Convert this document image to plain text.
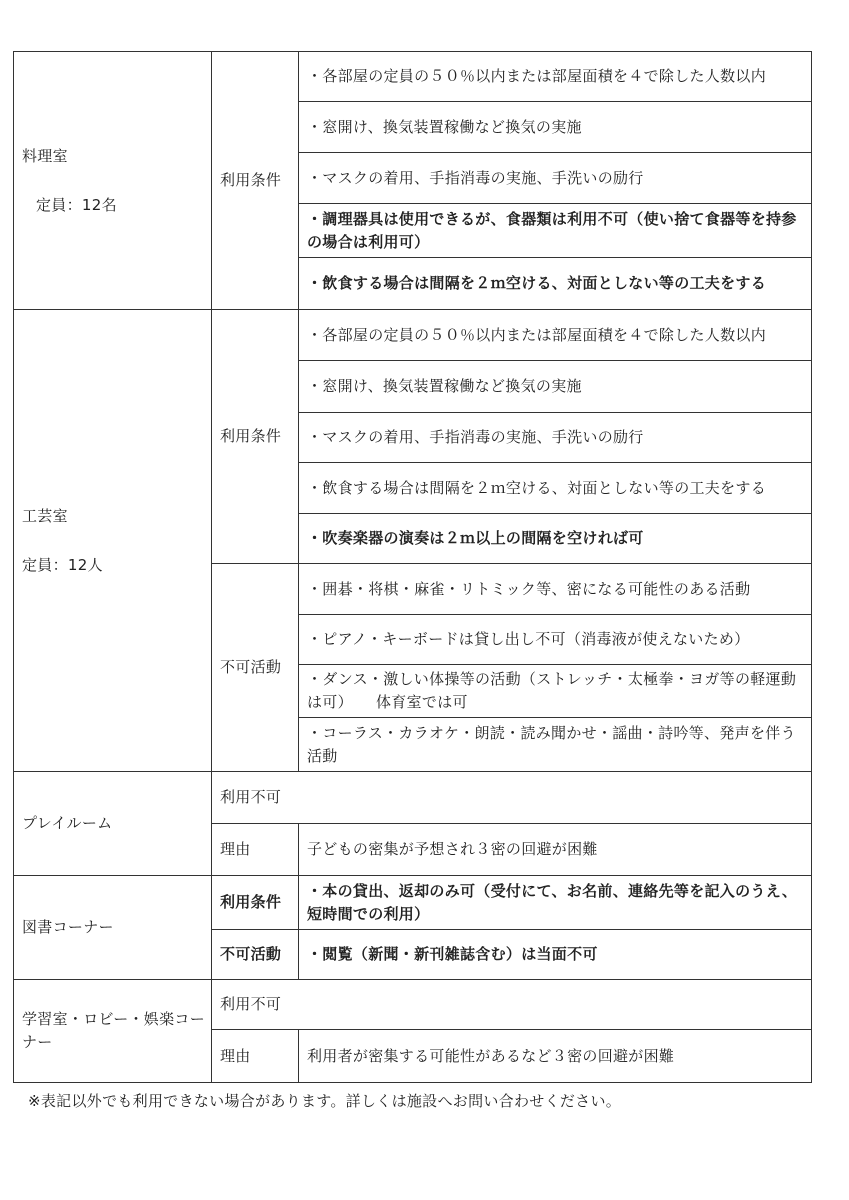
料理室
定員：12名	利用条件	・各部屋の定員の５０％以内または部屋面積を４で除した人数以内
		・窓開け、換気装置稼働など換気の実施
		・マスクの着用、手指消毒の実施、手洗いの励行
		・調理器具は使用できるが、食器類は利用不可（使い捨て食器等を持参の場合は利用可）
		・飲食する場合は間隔を２ｍ空ける、対面としない等の工夫をする

工芸室
定員：12人	利用条件	・各部屋の定員の５０％以内または部屋面積を４で除した人数以内
		・窓開け、換気装置稼働など換気の実施
		・マスクの着用、手指消毒の実施、手洗いの励行
		・飲食する場合は間隔を２ｍ空ける、対面としない等の工夫をする
		・吹奏楽器の演奏は２ｍ以上の間隔を空ければ可
	不可活動	・囲碁・将棋・麻雀・リトミック等、密になる可能性のある活動
		・ピアノ・キーボードは貸し出し不可（消毒液が使えないため）
		・ダンス・激しい体操等の活動（ストレッチ・太極拳・ヨガ等の軽運動は可）　　体育室では可
		・コーラス・カラオケ・朗読・読み聞かせ・謡曲・詩吟等、発声を伴う活動
プレイルーム	利用不可	
	理由	子どもの密集が予想され３密の回避が困難
図書コーナー	利用条件	・本の貸出、返却のみ可（受付にて、お名前、連絡先等を記入のうえ、短時間での利用）
	不可活動	・閲覧（新聞・新刊雑誌含む）は当面不可
学習室・ロビー・娯楽コーナー	利用不可	
	理由	利用者が密集する可能性があるなど３密の回避が困難
※表記以外でも利用できない場合があります。詳しくは施設へお問い合わせください。
